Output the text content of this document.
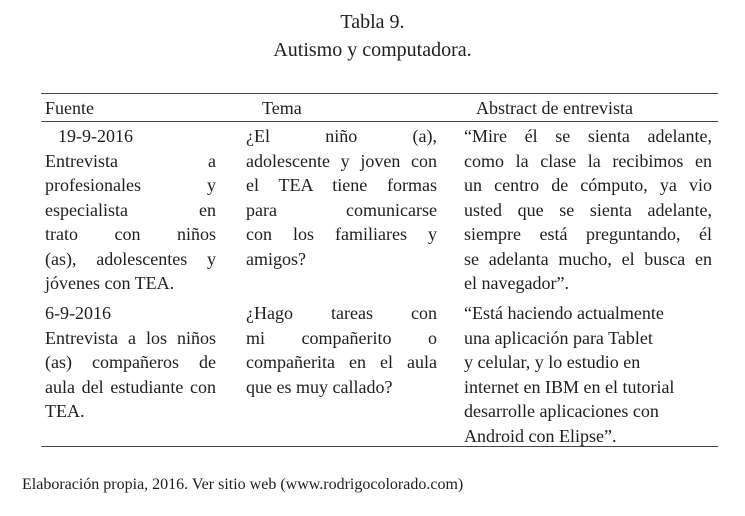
Tabla 9.
Autismo y computadora.
Fuente	Tema	Abstract de entrevista
19-9-2016
Entrevista a
profesionales y
especialista en
trato con niños
(as), adolescentes y
jóvenes con TEA.
¿El niño (a),
adolescente y joven con
el TEA tiene formas
para comunicarse
con los familiares y
amigos?
“Mire él se sienta adelante,
como la clase la recibimos en
un centro de cómputo, ya vio
usted que se sienta adelante,
siempre está preguntando, él
se adelanta mucho, el busca en
el navegador”.
6-9-2016
Entrevista a los niños
(as) compañeros de
aula del estudiante con
TEA.
¿Hago tareas con
mi compañerito o
compañerita en el aula
que es muy callado?
“Está haciendo actualmente
una aplicación para Tablet
y celular, y lo estudio en
internet en IBM en el tutorial
desarrolle aplicaciones con
Android con Elipse”.
Elaboración propia, 2016. Ver sitio web (www.rodrigocolorado.com)
